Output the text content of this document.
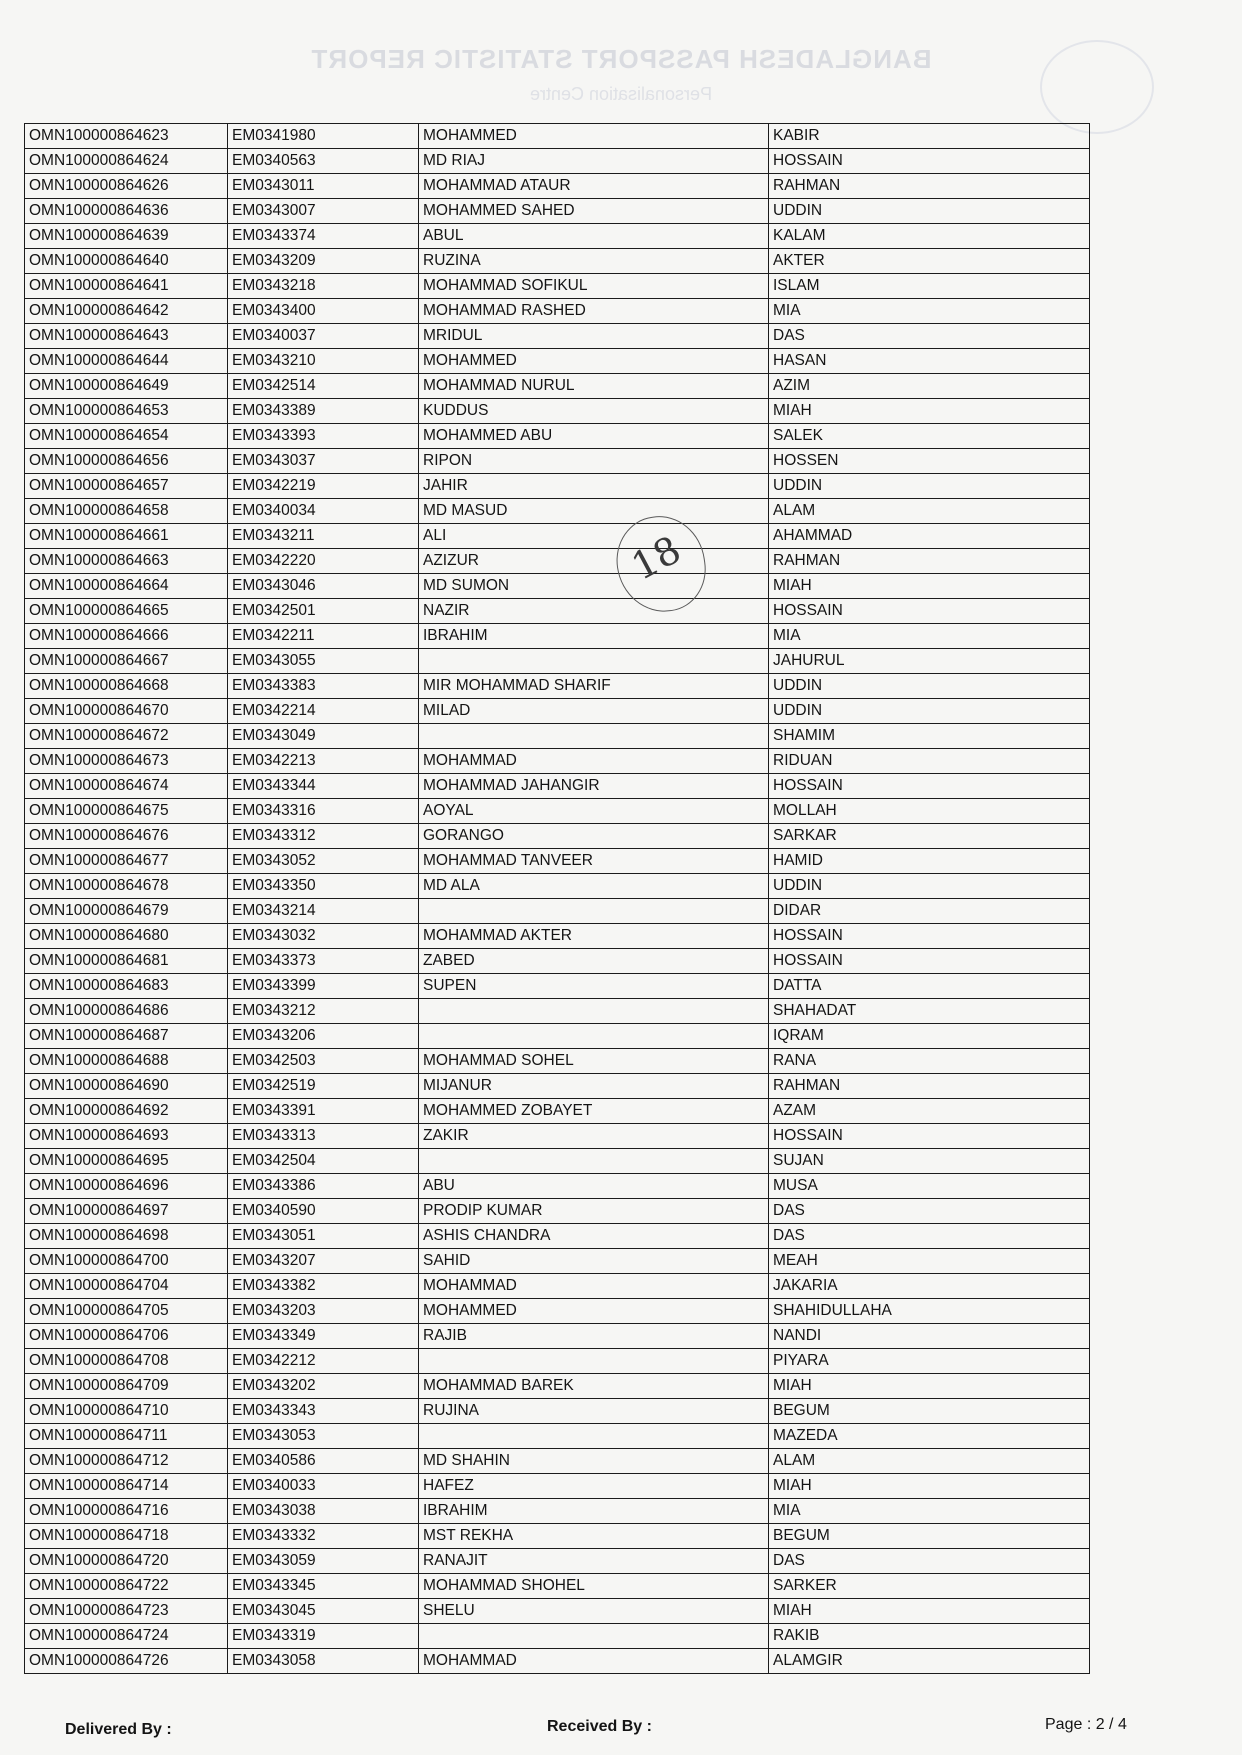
BANGLADESH PASSPORT STATISTIC REPORT
Personalisation Centre
OMN100000864623	EM0341980	MOHAMMED	KABIR
OMN100000864624	EM0340563	MD RIAJ	HOSSAIN
OMN100000864626	EM0343011	MOHAMMAD ATAUR	RAHMAN
OMN100000864636	EM0343007	MOHAMMED SAHED	UDDIN
OMN100000864639	EM0343374	ABUL	KALAM
OMN100000864640	EM0343209	RUZINA	AKTER
OMN100000864641	EM0343218	MOHAMMAD SOFIKUL	ISLAM
OMN100000864642	EM0343400	MOHAMMAD RASHED	MIA
OMN100000864643	EM0340037	MRIDUL	DAS
OMN100000864644	EM0343210	MOHAMMED	HASAN
OMN100000864649	EM0342514	MOHAMMAD NURUL	AZIM
OMN100000864653	EM0343389	KUDDUS	MIAH
OMN100000864654	EM0343393	MOHAMMED ABU	SALEK
OMN100000864656	EM0343037	RIPON	HOSSEN
OMN100000864657	EM0342219	JAHIR	UDDIN
OMN100000864658	EM0340034	MD MASUD	ALAM
OMN100000864661	EM0343211	ALI	AHAMMAD
OMN100000864663	EM0342220	AZIZUR	RAHMAN
OMN100000864664	EM0343046	MD SUMON	MIAH
OMN100000864665	EM0342501	NAZIR	HOSSAIN
OMN100000864666	EM0342211	IBRAHIM	MIA
OMN100000864667	EM0343055		JAHURUL
OMN100000864668	EM0343383	MIR MOHAMMAD SHARIF	UDDIN
OMN100000864670	EM0342214	MILAD	UDDIN
OMN100000864672	EM0343049		SHAMIM
OMN100000864673	EM0342213	MOHAMMAD	RIDUAN
OMN100000864674	EM0343344	MOHAMMAD JAHANGIR	HOSSAIN
OMN100000864675	EM0343316	AOYAL	MOLLAH
OMN100000864676	EM0343312	GORANGO	SARKAR
OMN100000864677	EM0343052	MOHAMMAD TANVEER	HAMID
OMN100000864678	EM0343350	MD ALA	UDDIN
OMN100000864679	EM0343214		DIDAR
OMN100000864680	EM0343032	MOHAMMAD AKTER	HOSSAIN
OMN100000864681	EM0343373	ZABED	HOSSAIN
OMN100000864683	EM0343399	SUPEN	DATTA
OMN100000864686	EM0343212		SHAHADAT
OMN100000864687	EM0343206		IQRAM
OMN100000864688	EM0342503	MOHAMMAD SOHEL	RANA
OMN100000864690	EM0342519	MIJANUR	RAHMAN
OMN100000864692	EM0343391	MOHAMMED ZOBAYET	AZAM
OMN100000864693	EM0343313	ZAKIR	HOSSAIN
OMN100000864695	EM0342504		SUJAN
OMN100000864696	EM0343386	ABU	MUSA
OMN100000864697	EM0340590	PRODIP KUMAR	DAS
OMN100000864698	EM0343051	ASHIS CHANDRA	DAS
OMN100000864700	EM0343207	SAHID	MEAH
OMN100000864704	EM0343382	MOHAMMAD	JAKARIA
OMN100000864705	EM0343203	MOHAMMED	SHAHIDULLAHA
OMN100000864706	EM0343349	RAJIB	NANDI
OMN100000864708	EM0342212		PIYARA
OMN100000864709	EM0343202	MOHAMMAD BAREK	MIAH
OMN100000864710	EM0343343	RUJINA	BEGUM
OMN100000864711	EM0343053		MAZEDA
OMN100000864712	EM0340586	MD SHAHIN	ALAM
OMN100000864714	EM0340033	HAFEZ	MIAH
OMN100000864716	EM0343038	IBRAHIM	MIA
OMN100000864718	EM0343332	MST REKHA	BEGUM
OMN100000864720	EM0343059	RANAJIT	DAS
OMN100000864722	EM0343345	MOHAMMAD SHOHEL	SARKER
OMN100000864723	EM0343045	SHELU	MIAH
OMN100000864724	EM0343319		RAKIB
OMN100000864726	EM0343058	MOHAMMAD	ALAMGIR
18
Delivered By :	Received By :	Page : 2 / 4
